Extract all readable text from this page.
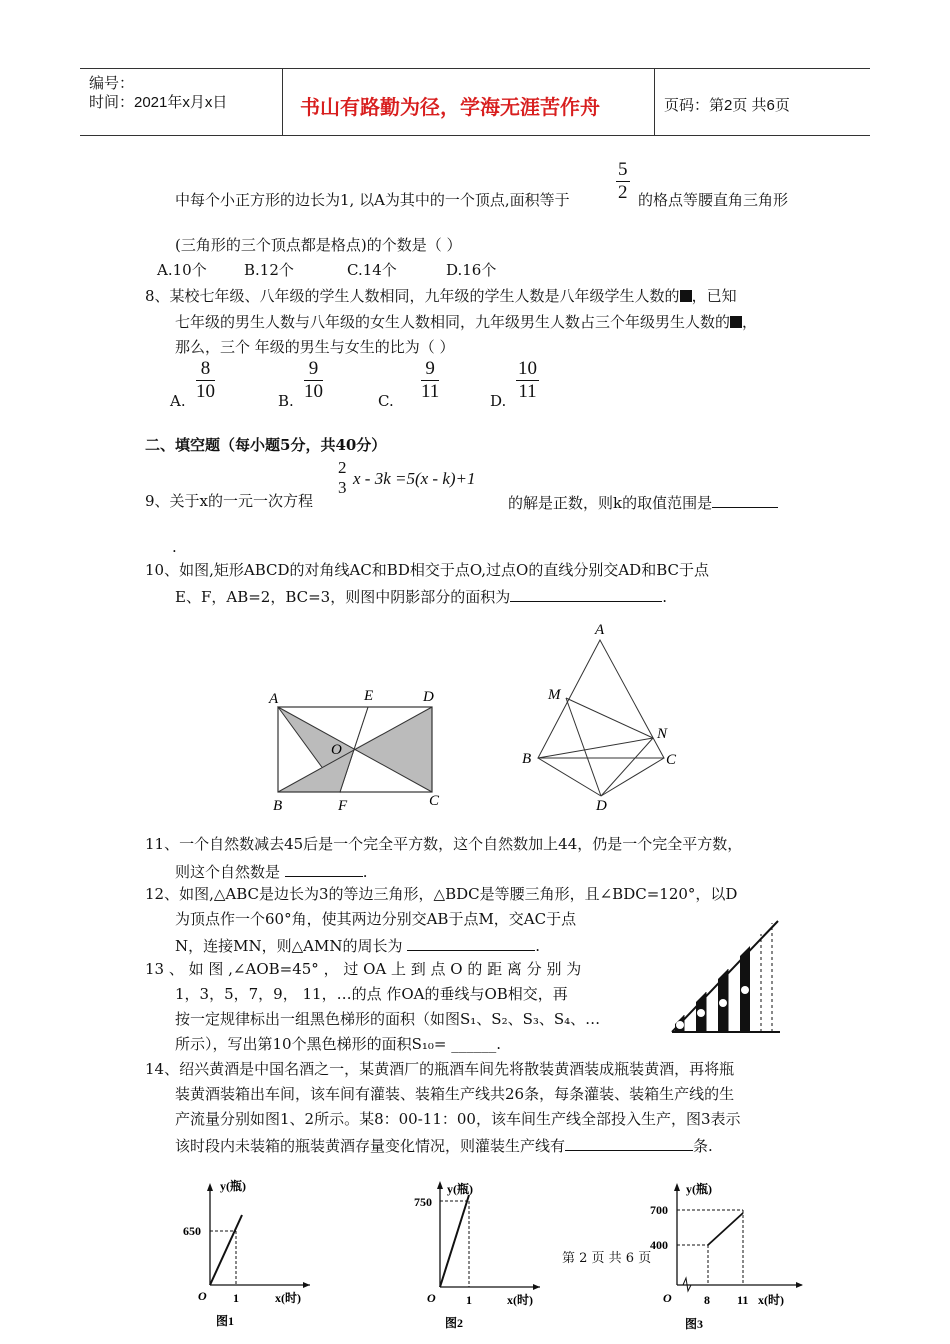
编号：
时间：2021年x月x日	书山有路勤为径，学海无涯苦作舟	页码：第2页 共6页
中每个小正方形的边长为1, 以A为其中的一个顶点,面积等于 $\frac{5}{2}$ 的格点等腰直角三角形
(三角形的三个顶点都是格点)的个数是（ ）
A.10个 B.12个	C.14个	D.16个
8、某校七年级、八年级的学生人数相同，九年级的学生人数是八年级学生人数的 ，已知
七年级的男生人数与八年级的女生人数相同，九年级男生人数占三个年级男生人数的 ，
那么，三个 年级的男生与女生的比为（ ）
A. $\frac{8}{10}$	B. $\frac{9}{10}$	C. $\frac{9}{11}$	D. $\frac{10}{11}$
二、填空题（每小题5分，共40分）
9、关于x的一元一次方程
2
3 x - 3k =5(x - k)+1
的解是正数，则k的取值范围是
.
10、如图,矩形ABCD的对角线AC和BD相交于点O,过点O的直线分别交AD和BC于点
E、F，AB=2，BC=3，则图中阴影部分的面积为	.
A	E	D
O
B	F	C
A
M
N
B	C
D
11、一个自然数减去45后是一个完全平方数，这个自然数加上44，仍是一个完全平方数，
则这个自然数是	.
12、如图,△ABC是边长为3的等边三角形，△BDC是等腰三角形，且∠BDC=120°，以D
为顶点作一个60°角，使其两边分别交AB于点M，交AC于点
N，连接MN，则△AMN的周长为	.
13 、 如 图 ,∠AOB=45° ， 过 OA 上 到 点 O 的 距 离 分 别 为
1，3，5，7，9， 11，…的点 作OA的垂线与OB相交，再
按一定规律标出一组黑色梯形的面积（如图S₁、S₂、S₃、S₄、…
所示），写出第10个黑色梯形的面积S₁₀= ______.
14、绍兴黄酒是中国名酒之一，某黄酒厂的瓶酒车间先将散装黄酒装成瓶装黄酒，再将瓶
装黄酒装箱出车间，该车间有灌装、装箱生产线共26条，每条灌装、装箱生产线的生
产流量分别如图1、2所示。某8：00-11：00，该车间生产线全部投入生产，图3表示
该时段内未装箱的瓶装黄酒存量变化情况，则灌装生产线有	条.
y(瓶)
650
O 1	x(时)
图1
y(瓶)
750
O	1	x(时)
图2
第 2 页 共 6 页
y(瓶)
700
400
O	8 11 x(时)
图3
